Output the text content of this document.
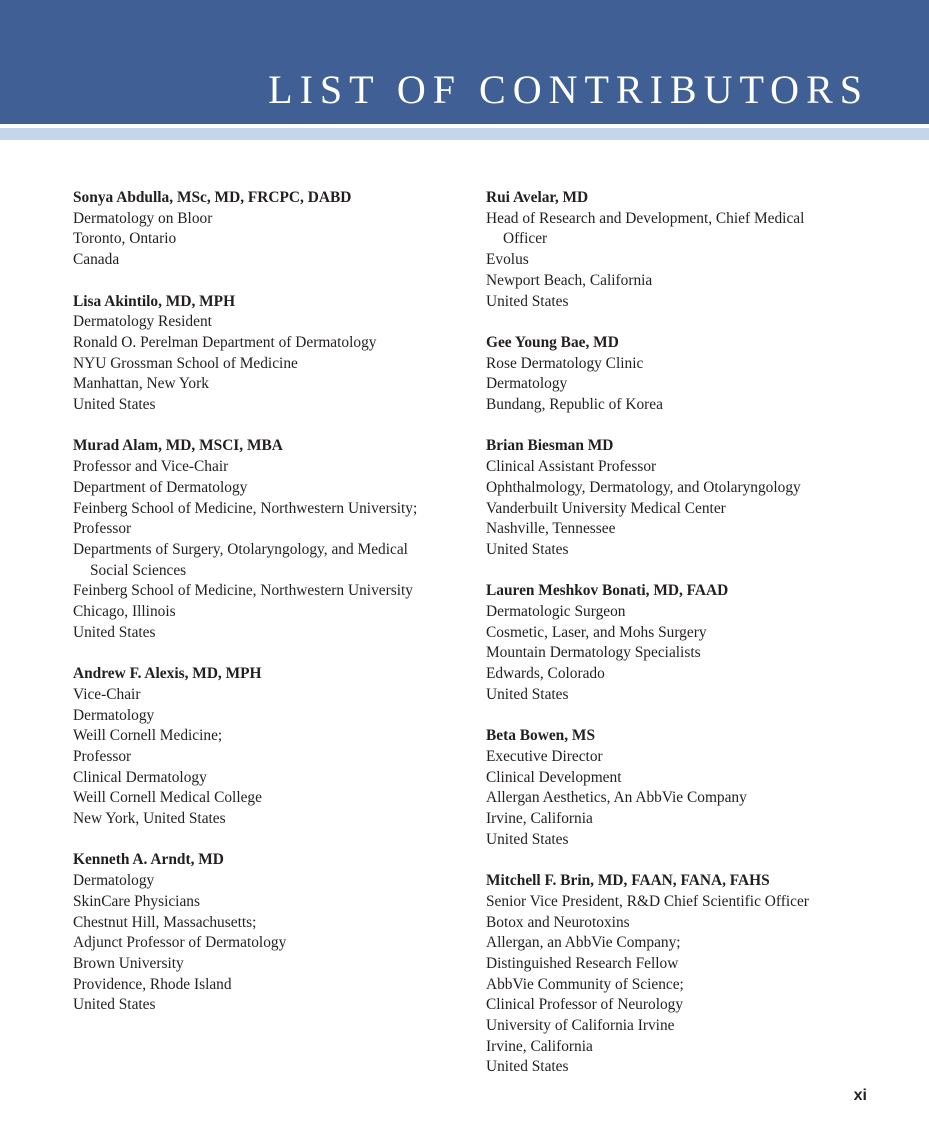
LIST OF CONTRIBUTORS
Sonya Abdulla, MSc, MD, FRCPC, DABD
Dermatology on Bloor
Toronto, Ontario
Canada
Lisa Akintilo, MD, MPH
Dermatology Resident
Ronald O. Perelman Department of Dermatology
NYU Grossman School of Medicine
Manhattan, New York
United States
Murad Alam, MD, MSCI, MBA
Professor and Vice-Chair
Department of Dermatology
Feinberg School of Medicine, Northwestern University;
Professor
Departments of Surgery, Otolaryngology, and Medical
Social Sciences
Feinberg School of Medicine, Northwestern University
Chicago, Illinois
United States
Andrew F. Alexis, MD, MPH
Vice-Chair
Dermatology
Weill Cornell Medicine;
Professor
Clinical Dermatology
Weill Cornell Medical College
New York, United States
Kenneth A. Arndt, MD
Dermatology
SkinCare Physicians
Chestnut Hill, Massachusetts;
Adjunct Professor of Dermatology
Brown University
Providence, Rhode Island
United States
Rui Avelar, MD
Head of Research and Development, Chief Medical
Officer
Evolus
Newport Beach, California
United States
Gee Young Bae, MD
Rose Dermatology Clinic
Dermatology
Bundang, Republic of Korea
Brian Biesman MD
Clinical Assistant Professor
Ophthalmology, Dermatology, and Otolaryngology
Vanderbuilt University Medical Center
Nashville, Tennessee
United States
Lauren Meshkov Bonati, MD, FAAD
Dermatologic Surgeon
Cosmetic, Laser, and Mohs Surgery
Mountain Dermatology Specialists
Edwards, Colorado
United States
Beta Bowen, MS
Executive Director
Clinical Development
Allergan Aesthetics, An AbbVie Company
Irvine, California
United States
Mitchell F. Brin, MD, FAAN, FANA, FAHS
Senior Vice President, R&D Chief Scientific Officer
Botox and Neurotoxins
Allergan, an AbbVie Company;
Distinguished Research Fellow
AbbVie Community of Science;
Clinical Professor of Neurology
University of California Irvine
Irvine, California
United States
xi
